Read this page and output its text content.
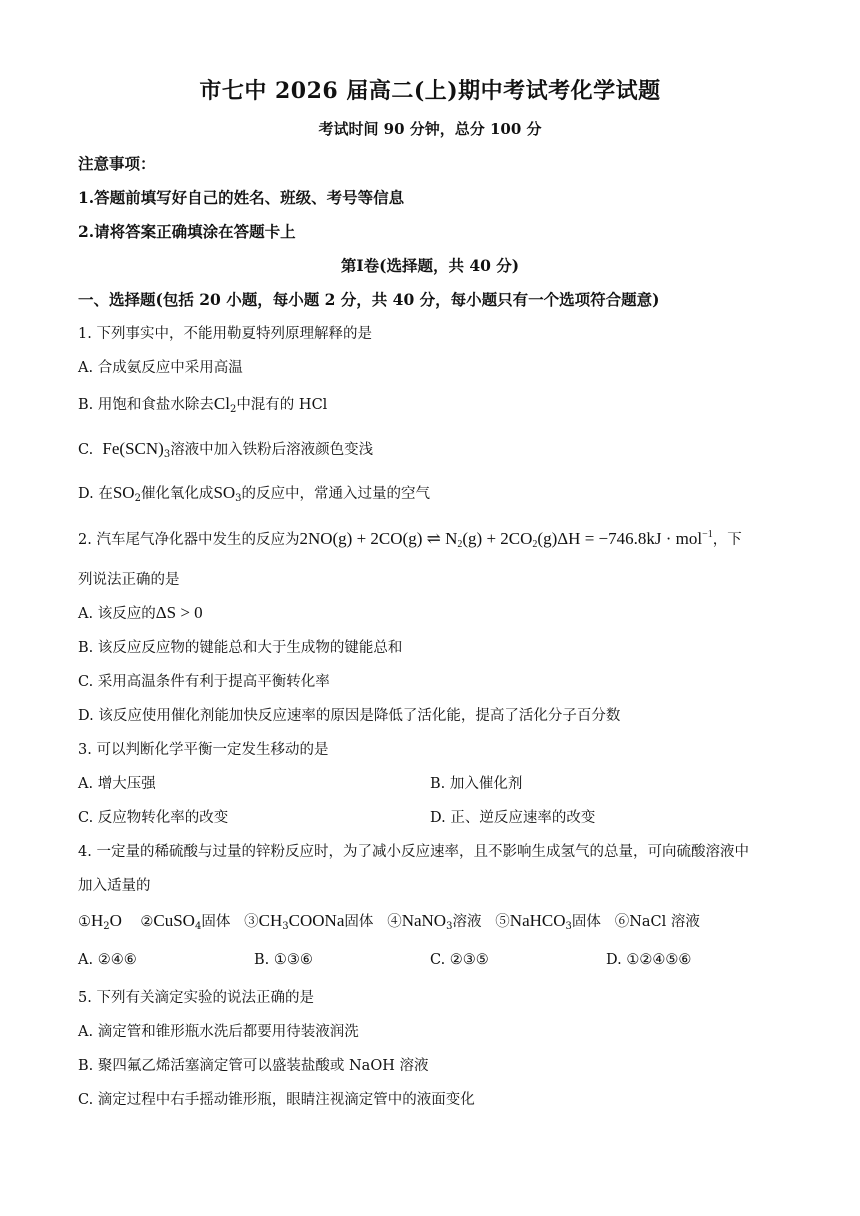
市七中 2026 届高二(上)期中考试考化学试题
考试时间 90 分钟，总分 100 分
注意事项：
1.答题前填写好自己的姓名、班级、考号等信息
2.请将答案正确填涂在答题卡上
第Ⅰ卷(选择题，共 40 分)
一、选择题(包括 20 小题，每小题 2 分，共 40 分，每小题只有一个选项符合题意)
1. 下列事实中，不能用勒夏特列原理解释的是
A. 合成氨反应中采用高温
B. 用饱和食盐水除去$Cl_2$中混有的 HCl
C. $Fe(SCN)_3$溶液中加入铁粉后溶液颜色变浅
D. 在$SO_2$催化氧化成$SO_3$的反应中，常通入过量的空气
2. 汽车尾气净化器中发生的反应为2NO(g) + 2CO(g) ⇌ $N_2(g) + 2CO_2(g)\Delta H = -746.8kJ \cdot mol^{-1}$，下
列说法正确的是
A. 该反应的ΔS > 0
B. 该反应反应物的键能总和大于生成物的键能总和
C. 采用高温条件有利于提高平衡转化率
D. 该反应使用催化剂能加快反应速率的原因是降低了活化能，提高了活化分子百分数
3. 可以判断化学平衡一定发生移动的是
A. 增大压强	B. 加入催化剂
C. 反应物转化率的改变	D. 正、逆反应速率的改变
4. 一定量的稀硫酸与过量的锌粉反应时，为了减小反应速率，且不影响生成氢气的总量，可向硫酸溶液中
加入适量的
$①H_2O$ ②CuSO$_4$固体 $③CH_3COONa$固体 ④NaNO$_3$溶液 ⑤NaHCO$_3$固体 ⑥NaCl 溶液
A. ②④⑥	B. ①③⑥	C. ②③⑤	D. ①②④⑤⑥
5. 下列有关滴定实验的说法正确的是
A. 滴定管和锥形瓶水洗后都要用待装液润洗
B. 聚四氟乙烯活塞滴定管可以盛装盐酸或 NaOH 溶液
C. 滴定过程中右手摇动锥形瓶，眼睛注视滴定管中的液面变化
